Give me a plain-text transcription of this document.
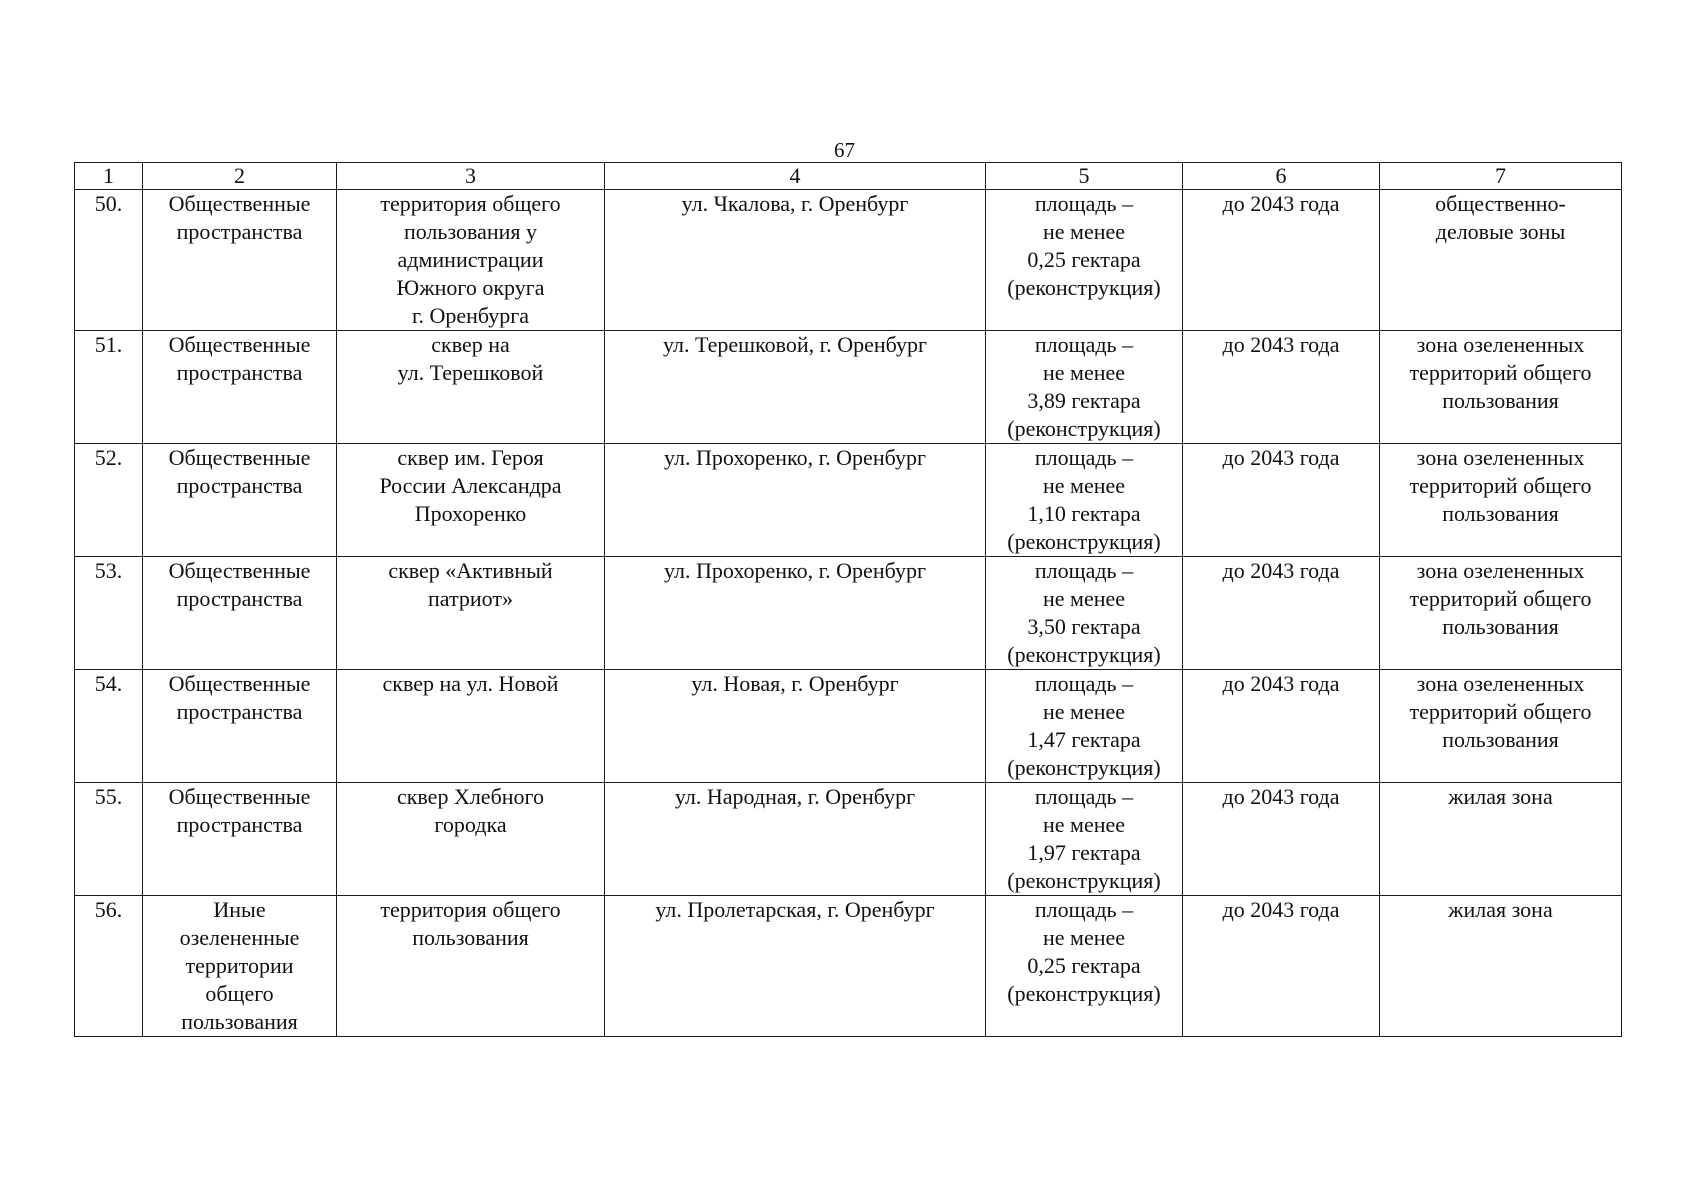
67
1	2	3	4	5	6	7
50.	Общественные
пространства	территория общего
пользования у
администрации
Южного округа
г. Оренбурга	ул. Чкалова, г. Оренбург	площадь –
не менее
0,25 гектара
(реконструкция)	до 2043 года	общественно-
деловые зоны
51.	Общественные
пространства	сквер на
ул. Терешковой	ул. Терешковой, г. Оренбург	площадь –
не менее
3,89 гектара
(реконструкция)	до 2043 года	зона озелененных
территорий общего
пользования
52.	Общественные
пространства	сквер им. Героя
России Александра
Прохоренко	ул. Прохоренко, г. Оренбург	площадь –
не менее
1,10 гектара
(реконструкция)	до 2043 года	зона озелененных
территорий общего
пользования
53.	Общественные
пространства	сквер «Активный
патриот»	ул. Прохоренко, г. Оренбург	площадь –
не менее
3,50 гектара
(реконструкция)	до 2043 года	зона озелененных
территорий общего
пользования
54.	Общественные
пространства	сквер на ул. Новой	ул. Новая, г. Оренбург	площадь –
не менее
1,47 гектара
(реконструкция)	до 2043 года	зона озелененных
территорий общего
пользования
55.	Общественные
пространства	сквер Хлебного
городка	ул. Народная, г. Оренбург	площадь –
не менее
1,97 гектара
(реконструкция)	до 2043 года	жилая зона
56.	Иные
озелененные
территории
общего
пользования	территория общего
пользования	ул. Пролетарская, г. Оренбург	площадь –
не менее
0,25 гектара
(реконструкция)	до 2043 года	жилая зона
